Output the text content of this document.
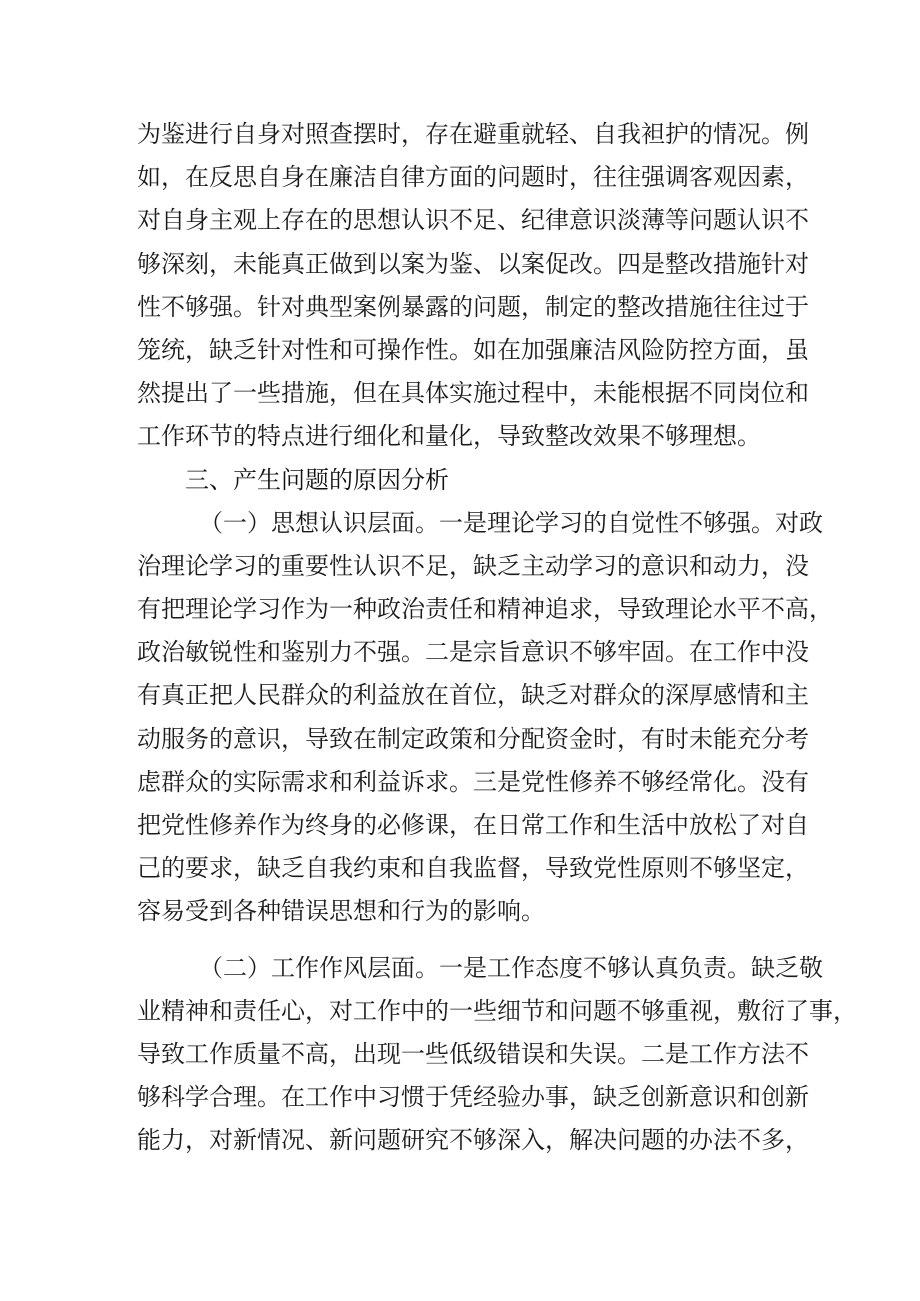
为鉴进行自身对照查摆时，存在避重就轻、自我袒护的情况。例
如，在反思自身在廉洁自律方面的问题时，往往强调客观因素，
对自身主观上存在的思想认识不足、纪律意识淡薄等问题认识不
够深刻，未能真正做到以案为鉴、以案促改。四是整改措施针对
性不够强。针对典型案例暴露的问题，制定的整改措施往往过于
笼统，缺乏针对性和可操作性。如在加强廉洁风险防控方面，虽
然提出了一些措施，但在具体实施过程中，未能根据不同岗位和
工作环节的特点进行细化和量化，导致整改效果不够理想。
三、产生问题的原因分析
（一）思想认识层面。一是理论学习的自觉性不够强。对政
治理论学习的重要性认识不足，缺乏主动学习的意识和动力，没
有把理论学习作为一种政治责任和精神追求，导致理论水平不高，
政治敏锐性和鉴别力不强。二是宗旨意识不够牢固。在工作中没
有真正把人民群众的利益放在首位，缺乏对群众的深厚感情和主
动服务的意识，导致在制定政策和分配资金时，有时未能充分考
虑群众的实际需求和利益诉求。三是党性修养不够经常化。没有
把党性修养作为终身的必修课，在日常工作和生活中放松了对自
己的要求，缺乏自我约束和自我监督，导致党性原则不够坚定，
容易受到各种错误思想和行为的影响。
（二）工作作风层面。一是工作态度不够认真负责。缺乏敬
业精神和责任心，对工作中的一些细节和问题不够重视，敷衍了事，
导致工作质量不高，出现一些低级错误和失误。二是工作方法不
够科学合理。在工作中习惯于凭经验办事，缺乏创新意识和创新
能力，对新情况、新问题研究不够深入，解决问题的办法不多，
